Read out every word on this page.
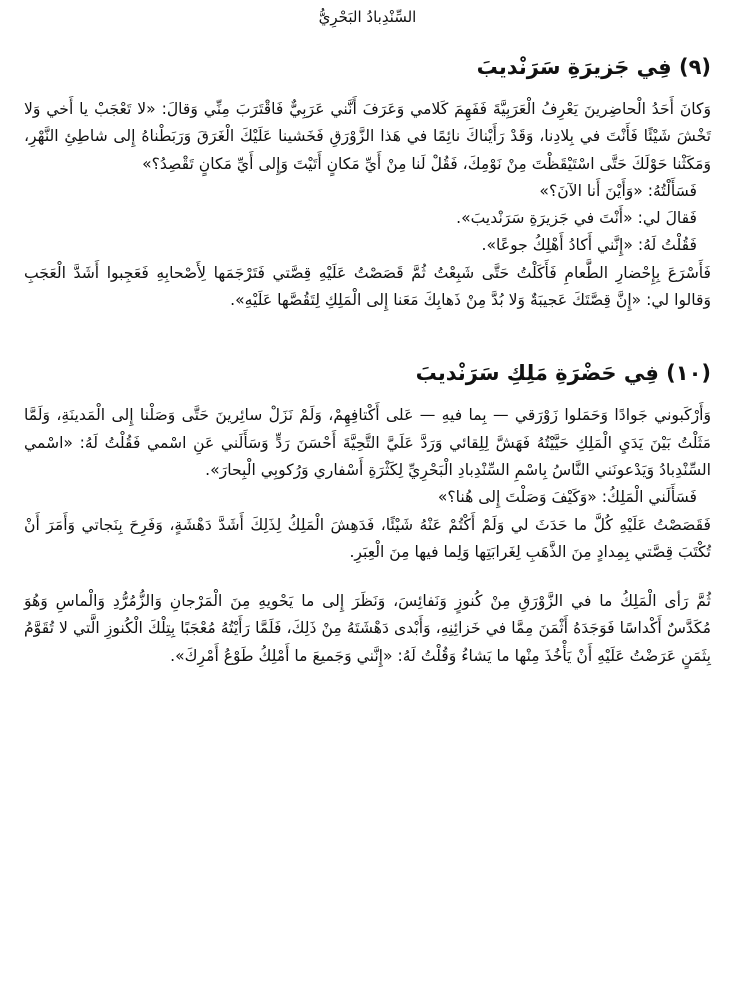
السِّنْدِبادُ البَحْرِيُّ
(٩) فِي جَزيرَةِ سَرَنْديبَ

وَكانَ أَحَدُ الْحاضِرينَ يَعْرِفُ الْعَرَبِيَّةَ فَفَهِمَ كَلامي وَعَرَفَ أَنَّني عَرَبِيٌّ فَاقْتَرَبَ مِنِّي وَقالَ: «لا تَعْجَبْ يا أَخي وَلا تَخْشَ شَيْئًا فَأَنْتَ في بِلادِنا، وَقَدْ رَأَيْناكَ نائِمًا في هَذا الزَّوْرَقِ فَخَشينا عَلَيْكَ الْغَرَقَ وَرَبَطْناهُ إِلى شاطِئِ النَّهْرِ، وَمَكَثْنا حَوْلَكَ حَتَّى اسْتَيْقَظْتَ مِنْ نَوْمِكَ، فَقُلْ لَنا مِنْ أَيِّ مَكانٍ أَتَيْتَ وَإِلى أَيِّ مَكانٍ تَقْصِدُ؟»

فَسَأَلْتُهُ: «وَأَيْنَ أَنا الآنَ؟»

فَقالَ لي: «أَنْتَ في جَزيرَةِ سَرَنْديبَ».

فَقُلْتُ لَهُ: «إِنَّني أَكادُ أَهْلِكُ جوعًا».

فَأَسْرَعَ بِإِحْضارِ الطَّعامِ فَأَكَلْتُ حَتَّى شَبِعْتُ ثُمَّ قَصَصْتُ عَلَيْهِ قِصَّتي فَتَرْجَمَها لِأَصْحابِهِ فَعَجِبوا أَشَدَّ الْعَجَبِ وَقالوا لي: «إِنَّ قِصَّتَكَ عَجيبَةٌ وَلا بُدَّ مِنْ ذَهابِكَ مَعَنا إِلى الْمَلِكِ لِتَقُصَّها عَلَيْهِ».

(١٠) فِي حَضْرَةِ مَلِكِ سَرَنْديبَ

وَأَرْكَبوني جَوادًا وَحَمَلوا زَوْرَقي — بِما فيهِ — عَلى أَكْتافِهِمْ، وَلَمْ نَزَلْ سائِرينَ حَتَّى وَصَلْنا إِلى الْمَدينَةِ، وَلَمَّا مَثَلْتُ بَيْنَ يَدَيِ الْمَلِكِ حَيَّيْتُهُ فَهَشَّ لِلِقائي وَرَدَّ عَلَيَّ التَّحِيَّةَ أَحْسَنَ رَدٍّ وَسَأَلَني عَنِ اسْمي فَقُلْتُ لَهُ: «اسْمي السِّنْدِبادُ وَيَدْعونَني النَّاسُ بِاسْمِ السِّنْدِبادِ الْبَحْرِيِّ لِكَثْرَةِ أَسْفاري وَرُكوبِي الْبِحارَ».

فَسَأَلَني الْمَلِكُ: «وَكَيْفَ وَصَلْتَ إِلى هُنا؟»

فَقَصَصْتُ عَلَيْهِ كُلَّ ما حَدَثَ لي وَلَمْ أَكْتُمْ عَنْهُ شَيْئًا، فَدَهِشَ الْمَلِكُ لِذَلِكَ أَشَدَّ دَهْشَةٍ، وَفَرِحَ بِنَجاتي وَأَمَرَ أَنْ تُكْتَبَ قِصَّتي بِمِدادٍ مِنَ الذَّهَبِ لِغَرابَتِها وَلِما فيها مِنَ الْعِبَرِ.

ثُمَّ رَأى الْمَلِكُ ما في الزَّوْرَقِ مِنْ كُنوزٍ وَنَفائِسَ، وَنَظَرَ إِلى ما يَحْويهِ مِنَ الْمَرْجانِ وَالزُّمُرُّدِ وَالْماسِ وَهُوَ مُكَدَّسٌ أَكْداسًا فَوَجَدَهُ أَثْمَنَ مِمَّا في خَزائِنِهِ، وَأَبْدى دَهْشَتَهُ مِنْ ذَلِكَ، فَلَمَّا رَأَيْتُهُ مُعْجَبًا بِتِلْكَ الْكُنوزِ الَّتي لا تُقَوَّمُ بِثَمَنٍ عَرَضْتُ عَلَيْهِ أَنْ يَأْخُذَ مِنْها ما يَشاءُ وَقُلْتُ لَهُ: «إِنَّني وَجَميعَ ما أَمْلِكُ طَوْعُ أَمْرِكَ».
